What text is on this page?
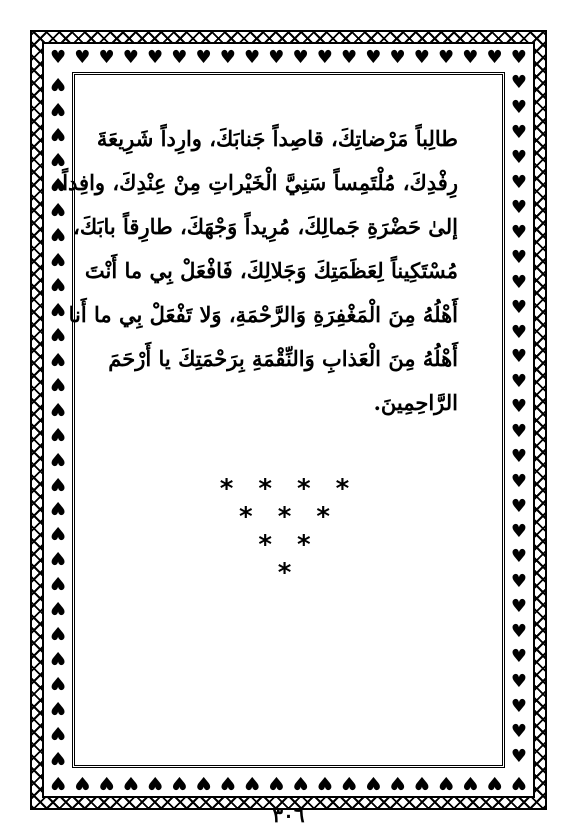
♥ ♥ ♥ ♥ ♥ ♥ ♥ ♥ ♥ ♥ ♥ ♥ ♥ ♥ ♥ ♥ ♥ ♥ ♥ ♥
♥
♥
♥
♥
♥
♥
♥
♥
♥
♥
♥
♥
♥
♥
♥
♥
♥
♥
♥
♥
♥
♥
♥
♥
♥
♥
♥
♥
♥
♥
♥
♥
♥
♥
♥
♥
♥
♥
♥
♥
♥
♥
♥
♥
♥
♥
♥
♥	♥
♥
♥
♥
♥
♥
♥
♥
♥
♥
♥
♥
♥
♥
♥
♥
♥
♥
♥
♥
♥
♥
♥
♥
♥
♥
♥
♥
طالِباً مَرْضاتِكَ، قاصِداً جَنابَكَ، وارِداً شَرِيعَةَ
رِفْدِكَ، مُلْتَمِساً سَنِيَّ الْخَيْراتِ مِنْ عِنْدِكَ، وافِداً
إلىٰ حَضْرَةِ جَمالِكَ، مُرِيداً وَجْهَكَ، طارِقاً بابَكَ،
مُسْتَكِيناً لِعَظَمَتِكَ وَجَلالِكَ، فَافْعَلْ بِي ما أَنْتَ
أَهْلُهُ مِنَ الْمَغْفِرَةِ وَالرَّحْمَةِ، وَلا تَفْعَلْ بِي ما أَنا
أَهْلُهُ مِنَ الْعَذابِ وَالنِّقْمَةِ بِرَحْمَتِكَ يا أَرْحَمَ
الرَّاحِمِينَ.
* * * *
* * *
* *
*
٣٠٦
